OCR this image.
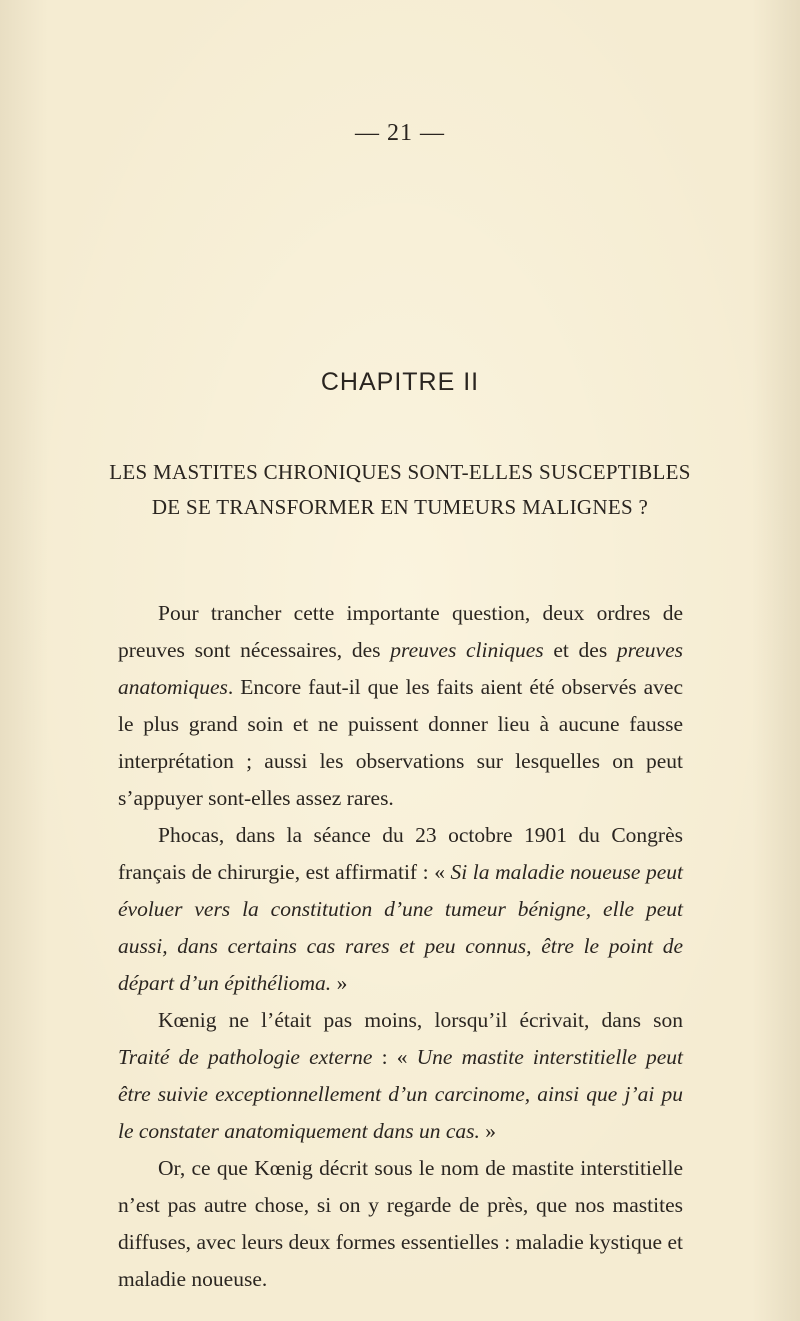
— 21 —
CHAPITRE II
LES MASTITES CHRONIQUES SONT-ELLES SUSCEPTIBLES
DE SE TRANSFORMER EN TUMEURS MALIGNES ?

Pour trancher cette importante question, deux ordres de preuves sont nécessaires, des preuves cliniques et des preuves anatomiques. Encore faut-il que les faits aient été observés avec le plus grand soin et ne puissent donner lieu à aucune fausse interprétation ; aussi les observations sur lesquelles on peut s’appuyer sont-elles assez rares.

Phocas, dans la séance du 23 octobre 1901 du Congrès français de chirurgie, est affirmatif : « Si la maladie noueuse peut évoluer vers la constitution d’une tumeur bénigne, elle peut aussi, dans certains cas rares et peu connus, être le point de départ d’un épithélioma. »

Kœnig ne l’était pas moins, lorsqu’il écrivait, dans son Traité de pathologie externe : « Une mastite interstitielle peut être suivie exceptionnellement d’un carcinome, ainsi que j’ai pu le constater anatomiquement dans un cas. »

Or, ce que Kœnig décrit sous le nom de mastite interstitielle n’est pas autre chose, si on y regarde de près, que nos mastites diffuses, avec leurs deux formes essentielles : maladie kystique et maladie noueuse.
